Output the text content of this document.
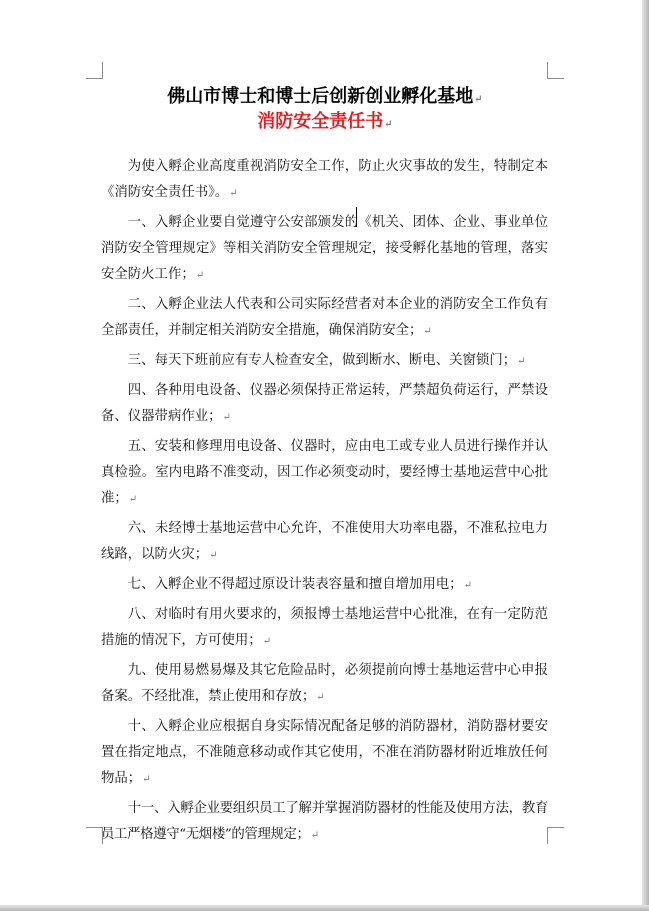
佛山市博士和博士后创新创业孵化基地↵
消防安全责任书↵

为使入孵企业高度重视消防安全工作，防止火灾事故的发生，特制定本《消防安全责任书》。↵

一、入孵企业要自觉遵守公安部颁发的《机关、团体、企业、事业单位消防安全管理规定》等相关消防安全管理规定，接受孵化基地的管理，落实安全防火工作；↵

二、入孵企业法人代表和公司实际经营者对本企业的消防安全工作负有全部责任，并制定相关消防安全措施，确保消防安全；↵

三、每天下班前应有专人检查安全，做到断水、断电、关窗锁门；↵

四、各种用电设备、仪器必须保持正常运转，严禁超负荷运行，严禁设备、仪器带病作业；↵

五、安装和修理用电设备、仪器时，应由电工或专业人员进行操作并认真检验。室内电路不准变动，因工作必须变动时，要经博士基地运营中心批准；↵

六、未经博士基地运营中心允许，不准使用大功率电器，不准私拉电力线路，以防火灾；↵

七、入孵企业不得超过原设计装表容量和擅自增加用电；↵

八、对临时有用火要求的，须报博士基地运营中心批准，在有一定防范措施的情况下，方可使用；↵

九、使用易燃易爆及其它危险品时，必须提前向博士基地运营中心申报备案。不经批准，禁止使用和存放；↵

十、入孵企业应根据自身实际情况配备足够的消防器材，消防器材要安置在指定地点，不准随意移动或作其它使用，不准在消防器材附近堆放任何物品；↵

十一、入孵企业要组织员工了解并掌握消防器材的性能及使用方法，教育员工严格遵守“无烟楼”的管理规定；↵
